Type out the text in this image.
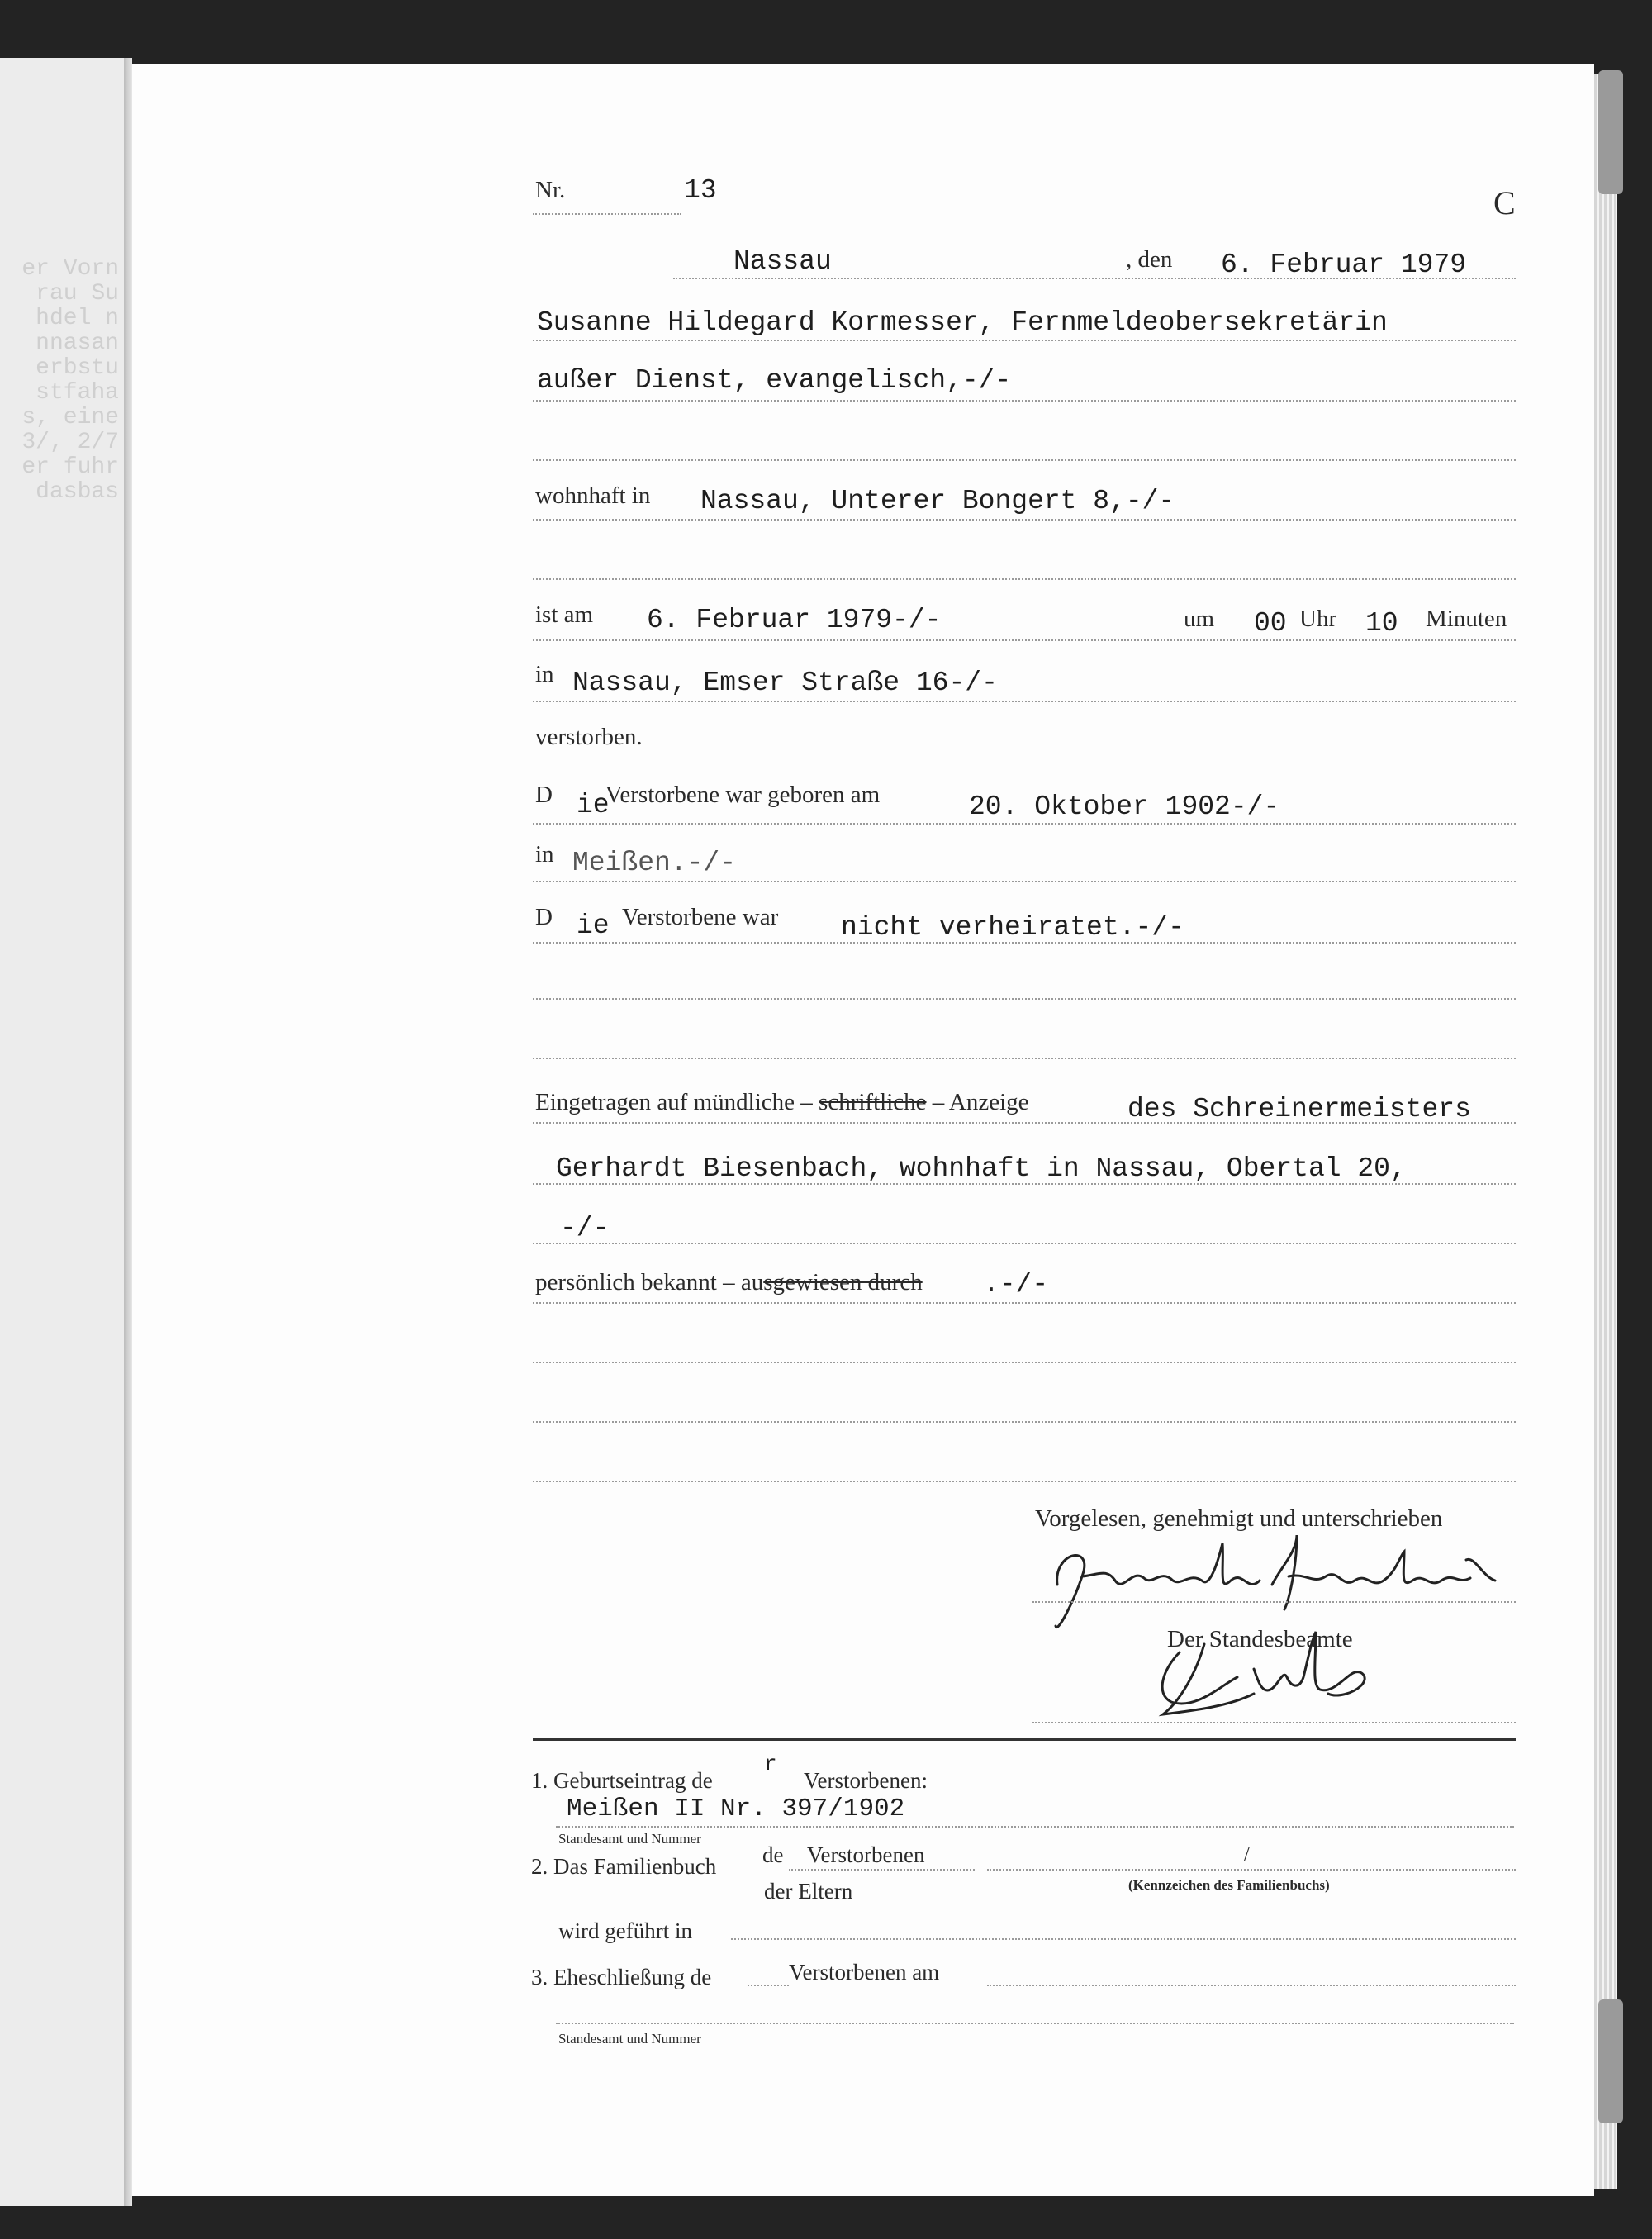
er Vorn
rau Su
hdel n
nnasan
erbstu
stfaha
s, eine
3/, 2/7
er fuhr
dasbas
Nr.	13	C
Nassau	, den 6. Februar 1979
Susanne Hildegard Kormesser, Fernmeldeobersekretärin
außer Dienst, evangelisch,-/-
wohnhaft in Nassau, Unterer Bongert 8,-/-
ist am 6. Februar 1979-/-	um 00 Uhr 10 Minuten
in Nassau, Emser Straße 16-/-
verstorben.
D ie
Verstorbene war geboren am	20. Oktober 1902-/-
in Meißen.-/-
D ie Verstorbene war nicht verheiratet.-/-
Eingetragen auf mündliche – schriftliche – Anzeige	des Schreinermeisters
Gerhardt Biesenbach, wohnhaft in Nassau, Obertal 20,
-/-
persönlich bekannt – ausgewiesen durch .-/-
Vorgelesen, genehmigt und unterschrieben
Der Standesbeamte
1. Geburtseintrag de
r
Verstorbenen:
Meißen II Nr. 397/1902
Standesamt und Nummer
2. Das Familienbuch de Verstorbenen
der Eltern
/
(Kennzeichen des Familienbuchs)
wird geführt in
3. Eheschließung de	Verstorbenen am
Standesamt und Nummer
